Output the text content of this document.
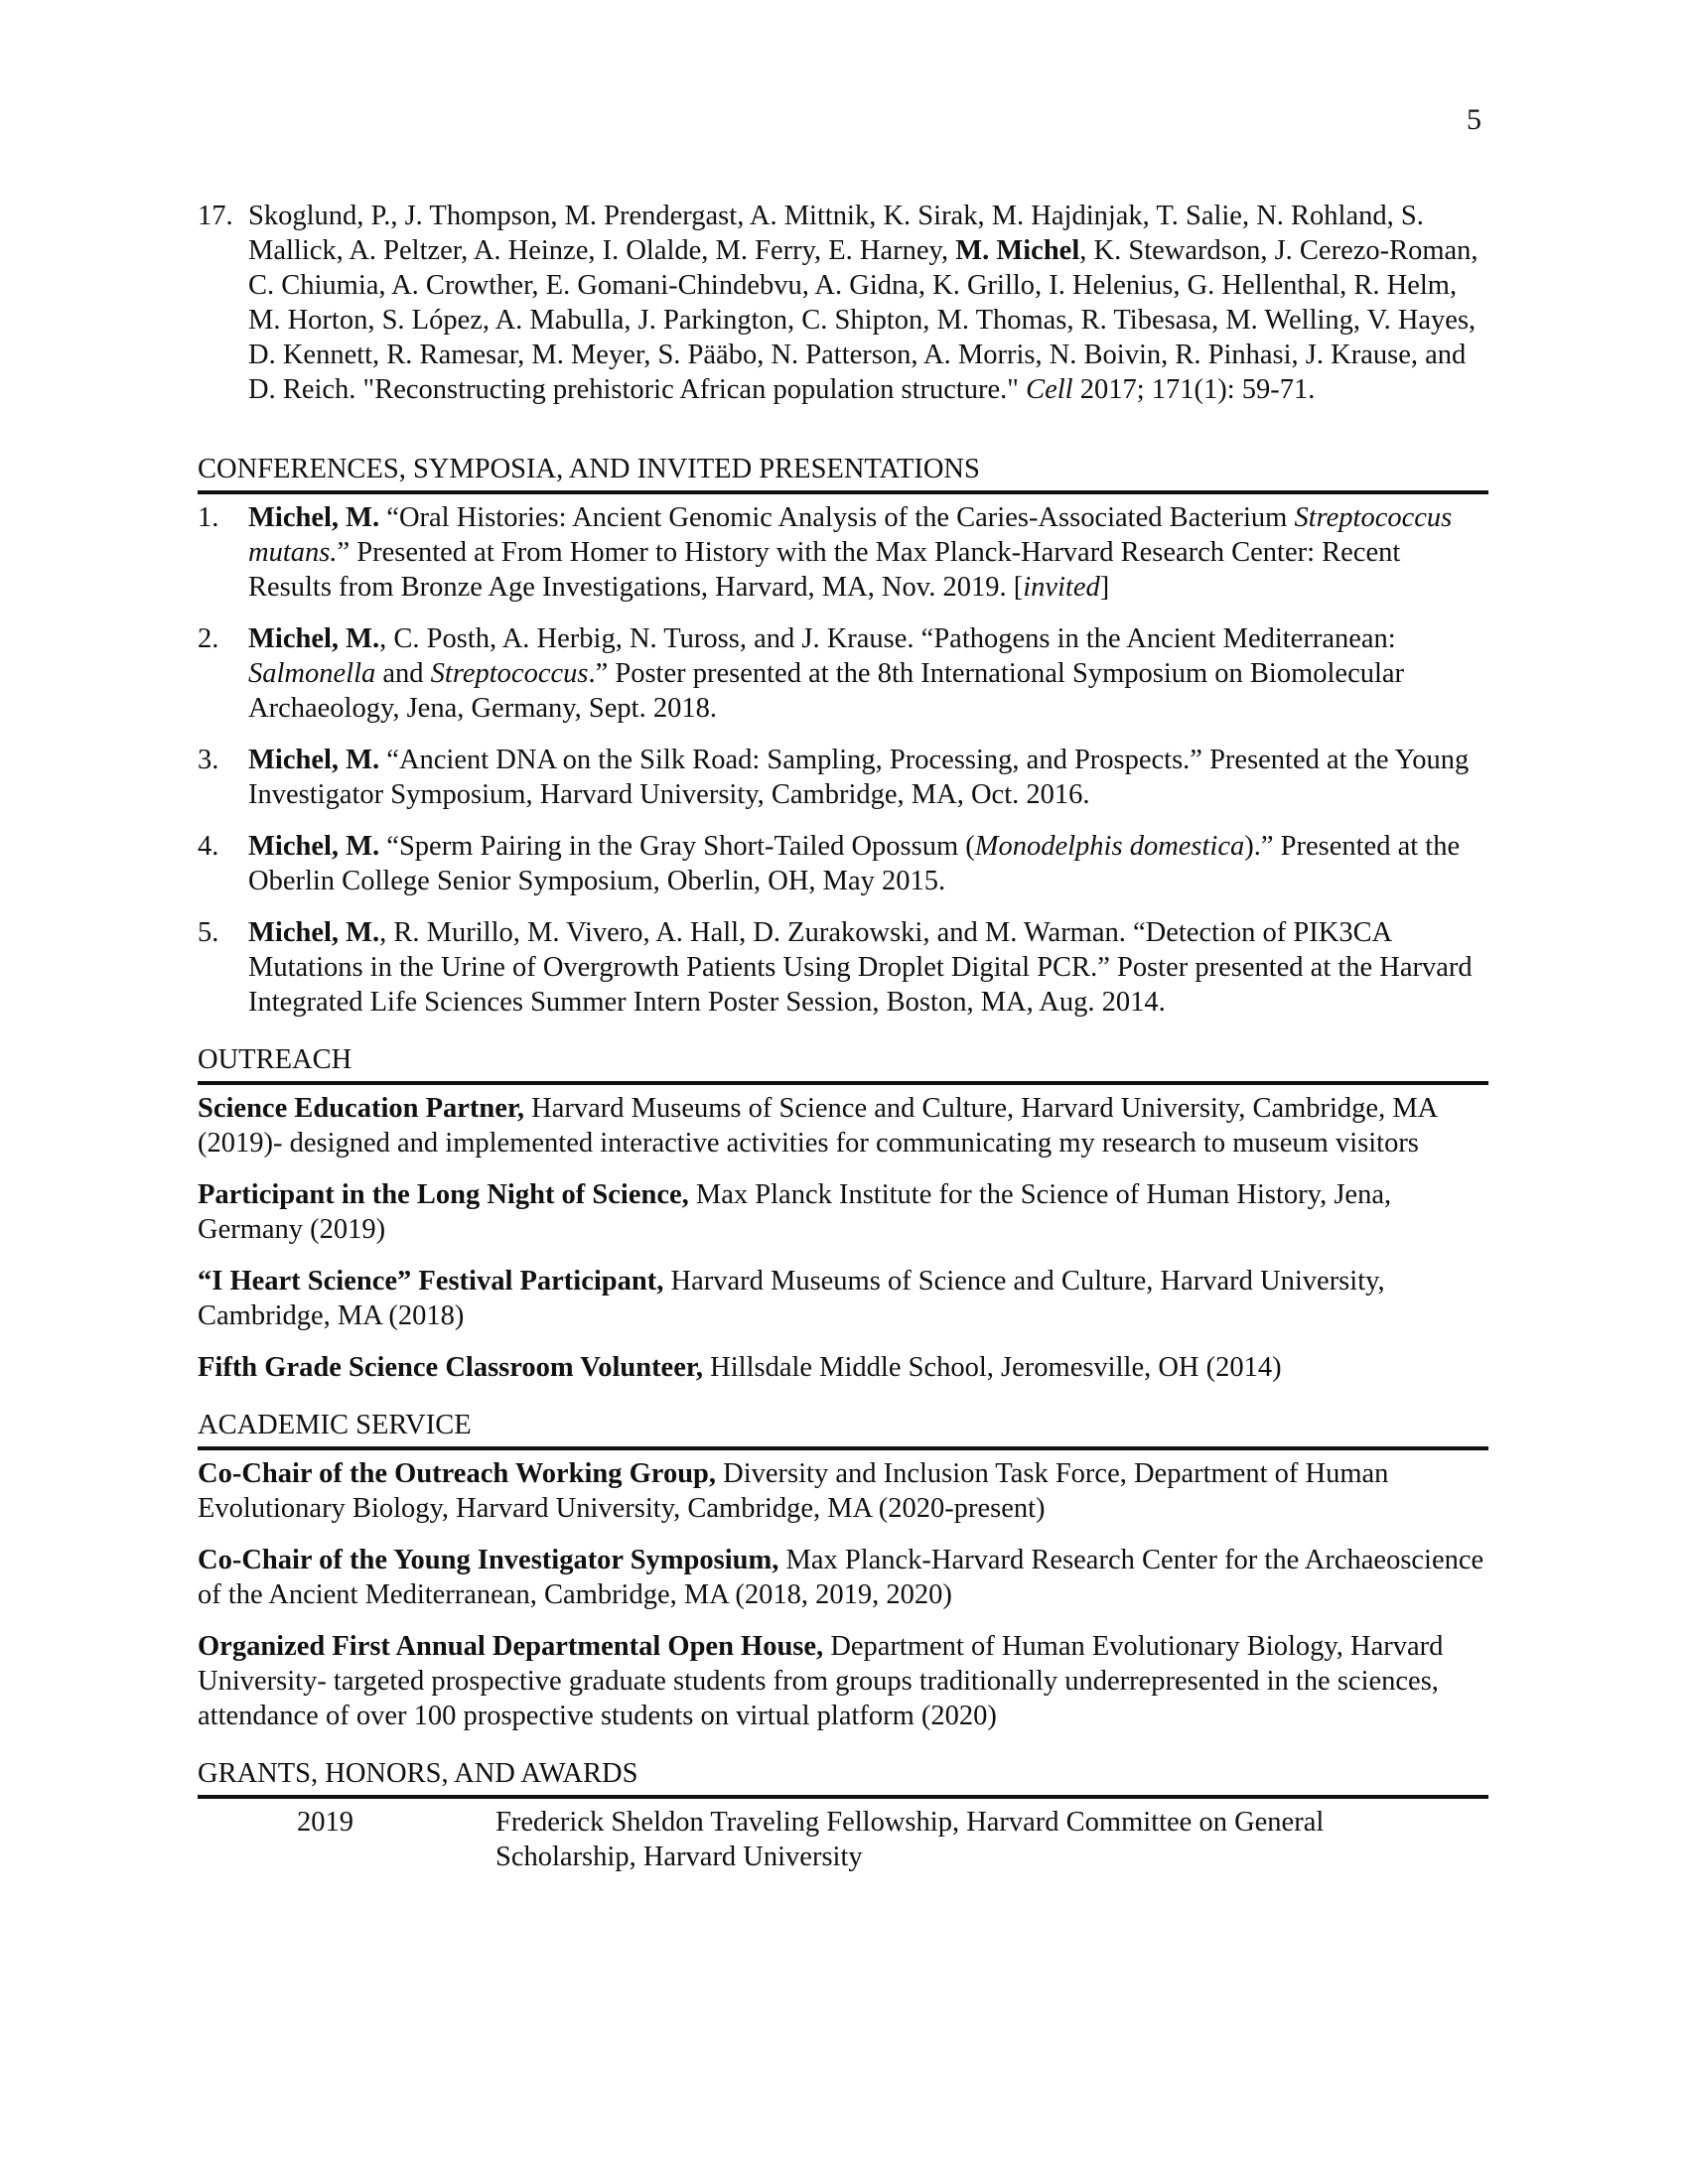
5
17. Skoglund, P., J. Thompson, M. Prendergast, A. Mittnik, K. Sirak, M. Hajdinjak, T. Salie, N. Rohland, S. Mallick, A. Peltzer, A. Heinze, I. Olalde, M. Ferry, E. Harney, M. Michel, K. Stewardson, J. Cerezo-Roman, C. Chiumia, A. Crowther, E. Gomani-Chindebvu, A. Gidna, K. Grillo, I. Helenius, G. Hellenthal, R. Helm, M. Horton, S. López, A. Mabulla, J. Parkington, C. Shipton, M. Thomas, R. Tibesasa, M. Welling, V. Hayes, D. Kennett, R. Ramesar, M. Meyer, S. Pääbo, N. Patterson, A. Morris, N. Boivin, R. Pinhasi, J. Krause, and D. Reich. "Reconstructing prehistoric African population structure." Cell 2017; 171(1): 59-71.
CONFERENCES, SYMPOSIA, AND INVITED PRESENTATIONS
1. Michel, M. “Oral Histories: Ancient Genomic Analysis of the Caries-Associated Bacterium Streptococcus mutans.” Presented at From Homer to History with the Max Planck-Harvard Research Center: Recent Results from Bronze Age Investigations, Harvard, MA, Nov. 2019. [invited]
2. Michel, M., C. Posth, A. Herbig, N. Tuross, and J. Krause. “Pathogens in the Ancient Mediterranean: Salmonella and Streptococcus.” Poster presented at the 8th International Symposium on Biomolecular Archaeology, Jena, Germany, Sept. 2018.
3. Michel, M. “Ancient DNA on the Silk Road: Sampling, Processing, and Prospects.” Presented at the Young Investigator Symposium, Harvard University, Cambridge, MA, Oct. 2016.
4. Michel, M. “Sperm Pairing in the Gray Short-Tailed Opossum (Monodelphis domestica).” Presented at the Oberlin College Senior Symposium, Oberlin, OH, May 2015.
5. Michel, M., R. Murillo, M. Vivero, A. Hall, D. Zurakowski, and M. Warman. “Detection of PIK3CA Mutations in the Urine of Overgrowth Patients Using Droplet Digital PCR.” Poster presented at the Harvard Integrated Life Sciences Summer Intern Poster Session, Boston, MA, Aug. 2014.
OUTREACH
Science Education Partner, Harvard Museums of Science and Culture, Harvard University, Cambridge, MA (2019)- designed and implemented interactive activities for communicating my research to museum visitors
Participant in the Long Night of Science, Max Planck Institute for the Science of Human History, Jena, Germany (2019)
“I Heart Science” Festival Participant, Harvard Museums of Science and Culture, Harvard University, Cambridge, MA (2018)
Fifth Grade Science Classroom Volunteer, Hillsdale Middle School, Jeromesville, OH (2014)
ACADEMIC SERVICE
Co-Chair of the Outreach Working Group, Diversity and Inclusion Task Force, Department of Human Evolutionary Biology, Harvard University, Cambridge, MA (2020-present)
Co-Chair of the Young Investigator Symposium, Max Planck-Harvard Research Center for the Archaeoscience of the Ancient Mediterranean, Cambridge, MA (2018, 2019, 2020)
Organized First Annual Departmental Open House, Department of Human Evolutionary Biology, Harvard University- targeted prospective graduate students from groups traditionally underrepresented in the sciences, attendance of over 100 prospective students on virtual platform (2020)
GRANTS, HONORS, AND AWARDS
2019	Frederick Sheldon Traveling Fellowship, Harvard Committee on General Scholarship, Harvard University
